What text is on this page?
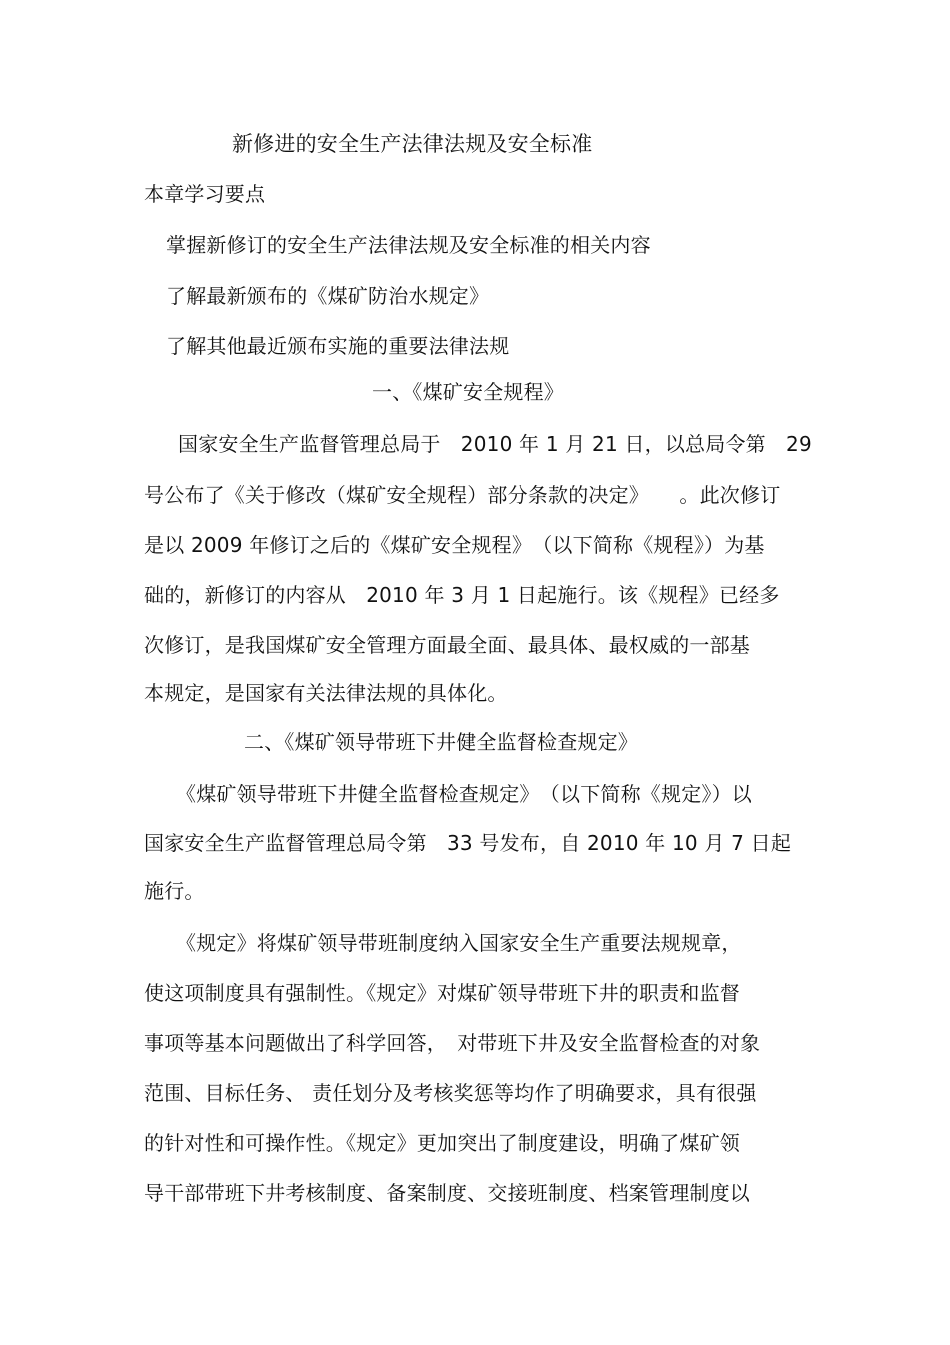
新修进的安全生产法律法规及安全标准
本章学习要点
掌握新修订的安全生产法律法规及安全标准的相关内容
了解最新颁布的《煤矿防治水规定》
了解其他最近颁布实施的重要法律法规
一、《煤矿安全规程》
国家安全生产监督管理总局于　2010 年 1 月 21 日，以总局令第　29
号公布了《关于修改（煤矿安全规程）部分条款的决定》　　。此次修订
是以 2009 年修订之后的《煤矿安全规程》　（以下简称《规程》）为基
础的，新修订的内容从　2010 年 3 月 1 日起施行。该《规程》已经多
次修订，是我国煤矿安全管理方面最全面、最具体、最权威的一部基
本规定，是国家有关法律法规的具体化。
二、《煤矿领导带班下井健全监督检查规定》
《煤矿领导带班下井健全监督检查规定》　（以下简称《规定》）以
国家安全生产监督管理总局令第　33 号发布，自 2010 年 10 月 7 日起
施行。
《规定》将煤矿领导带班制度纳入国家安全生产重要法规规章，
使这项制度具有强制性。《规定》对煤矿领导带班下井的职责和监督
事项等基本问题做出了科学回答，　对带班下井及安全监督检查的对象
范围、目标任务、 责任划分及考核奖惩等均作了明确要求，具有很强
的针对性和可操作性。《规定》更加突出了制度建设，明确了煤矿领
导干部带班下井考核制度、备案制度、交接班制度、档案管理制度以
